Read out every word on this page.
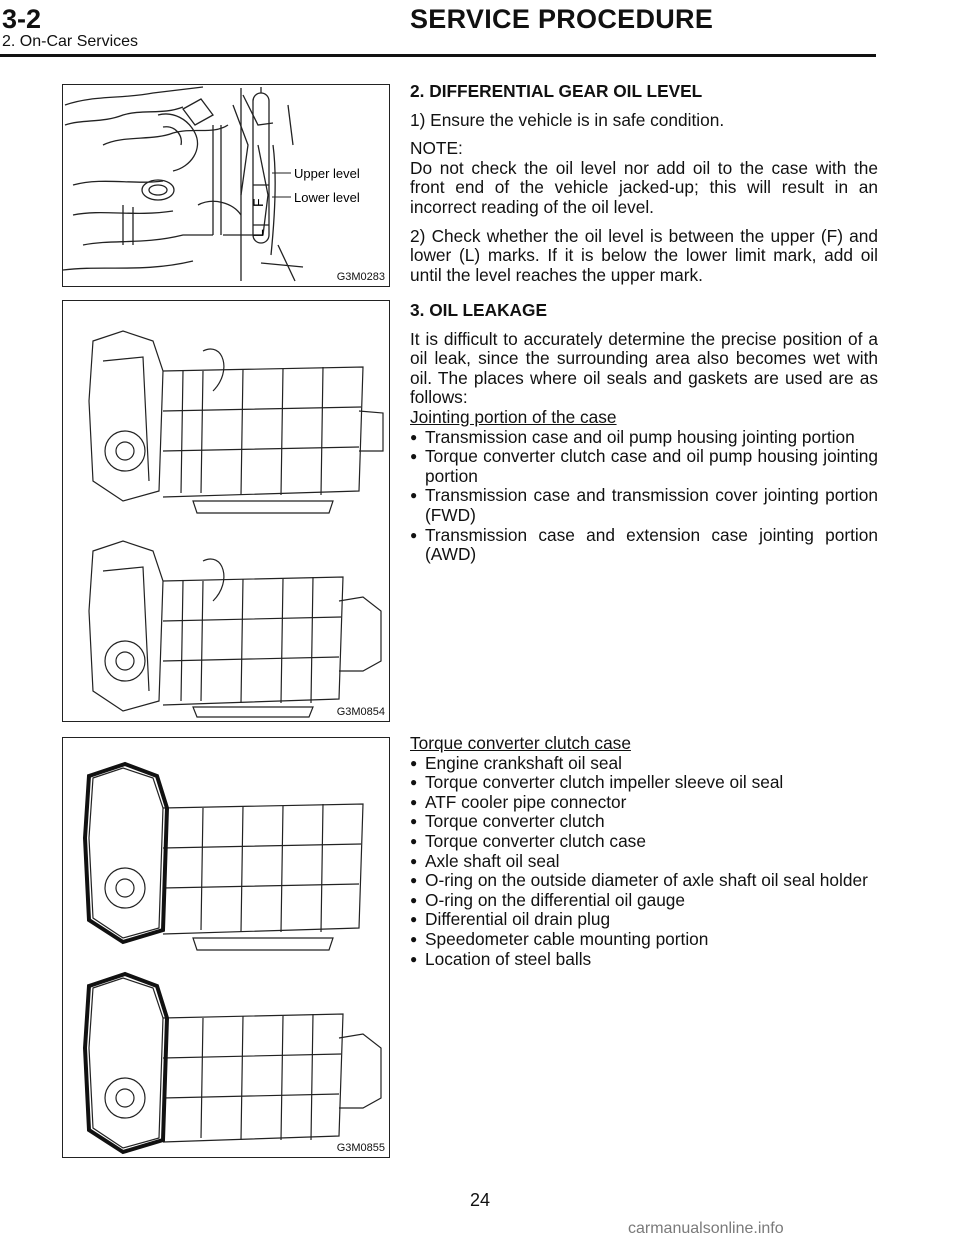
3-2	SERVICE PROCEDURE
2. On-Car Services
F
L
Upper level
Lower level
G3M0283
G3M0854
G3M0855

2. DIFFERENTIAL GEAR OIL LEVEL

1) Ensure the vehicle is in safe condition.

NOTE:

Do not check the oil level nor add oil to the case with the front end of the vehicle jacked-up; this will result in an incorrect reading of the oil level.

2) Check whether the oil level is between the upper (F) and lower (L) marks. If it is below the lower limit mark, add oil until the level reaches the upper mark.

3. OIL LEAKAGE

It is difficult to accurately determine the precise position of a oil leak, since the surrounding area also becomes wet with oil. The places where oil seals and gaskets are used are as follows:

Jointing portion of the case

● Transmission case and oil pump housing jointing portion
● Torque converter clutch case and oil pump housing jointing portion
● Transmission case and transmission cover jointing portion (FWD)
● Transmission case and extension case jointing portion (AWD)

Torque converter clutch case

● Engine crankshaft oil seal
● Torque converter clutch impeller sleeve oil seal
● ATF cooler pipe connector
● Torque converter clutch
● Torque converter clutch case
● Axle shaft oil seal
● O-ring on the outside diameter of axle shaft oil seal holder
● O-ring on the differential oil gauge
● Differential oil drain plug
● Speedometer cable mounting portion
● Location of steel balls
24
carmanualsonline.info
